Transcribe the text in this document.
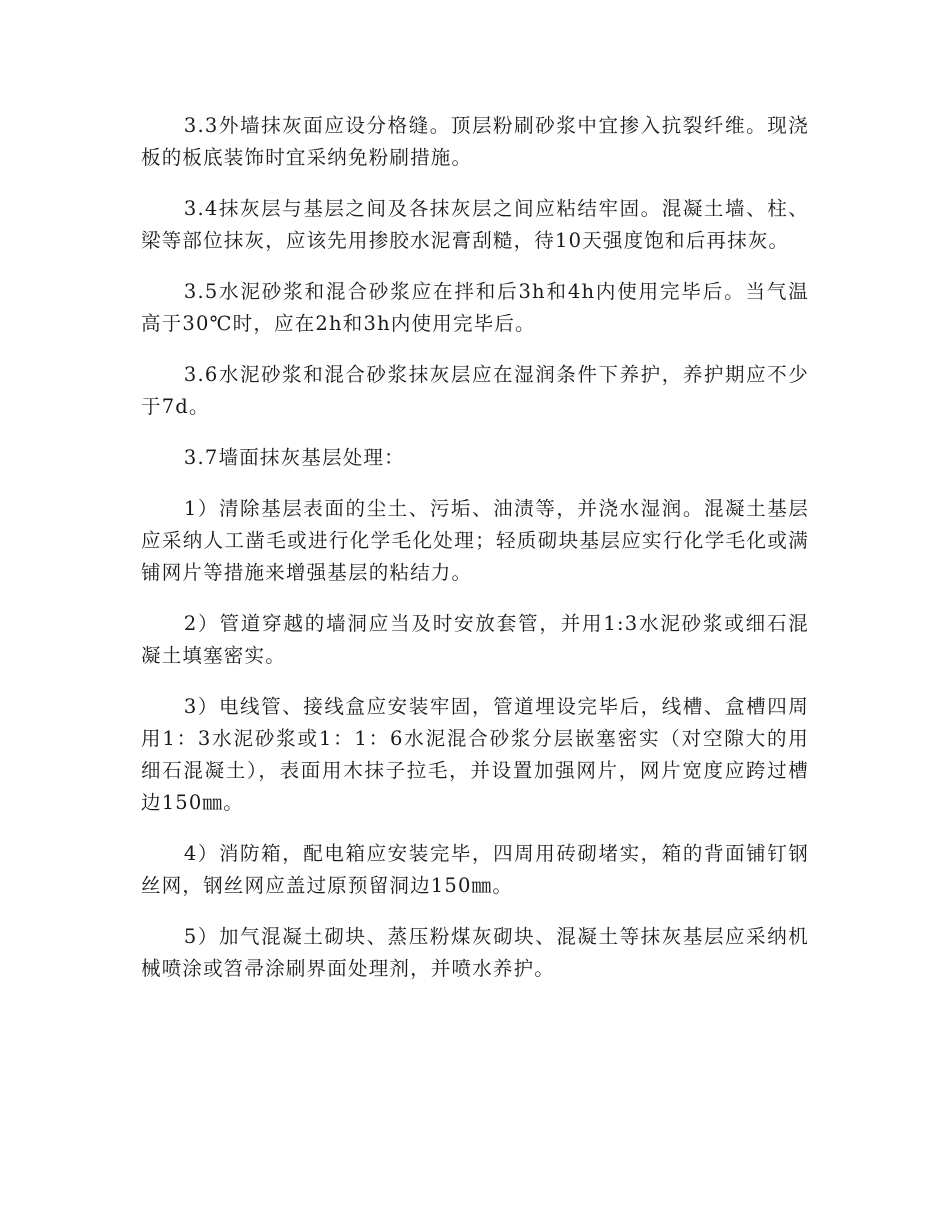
3.3外墙抹灰面应设分格缝。顶层粉刷砂浆中宜掺入抗裂纤维。现浇板的板底装饰时宜采纳免粉刷措施。

3.4抹灰层与基层之间及各抹灰层之间应粘结牢固。混凝土墙、柱、梁等部位抹灰，应该先用掺胶水泥膏刮糙，待10天强度饱和后再抹灰。

3.5水泥砂浆和混合砂浆应在拌和后3h和4h内使用完毕后。当气温高于30℃时，应在2h和3h内使用完毕后。

3.6水泥砂浆和混合砂浆抹灰层应在湿润条件下养护，养护期应不少于7d。

3.7墙面抹灰基层处理：

1）清除基层表面的尘土、污垢、油渍等，并浇水湿润。混凝土基层应采纳人工凿毛或进行化学毛化处理；轻质砌块基层应实行化学毛化或满铺网片等措施来增强基层的粘结力。

2）管道穿越的墙洞应当及时安放套管，并用1:3水泥砂浆或细石混凝土填塞密实。

3）电线管、接线盒应安装牢固，管道埋设完毕后，线槽、盒槽四周用1：3水泥砂浆或1：1：6水泥混合砂浆分层嵌塞密实（对空隙大的用细石混凝土），表面用木抹子拉毛，并设置加强网片，网片宽度应跨过槽边150㎜。

4）消防箱，配电箱应安装完毕，四周用砖砌堵实，箱的背面铺钉钢丝网，钢丝网应盖过原预留洞边150㎜。

5）加气混凝土砌块、蒸压粉煤灰砌块、混凝土等抹灰基层应采纳机械喷涂或笤帚涂刷界面处理剂，并喷水养护。
